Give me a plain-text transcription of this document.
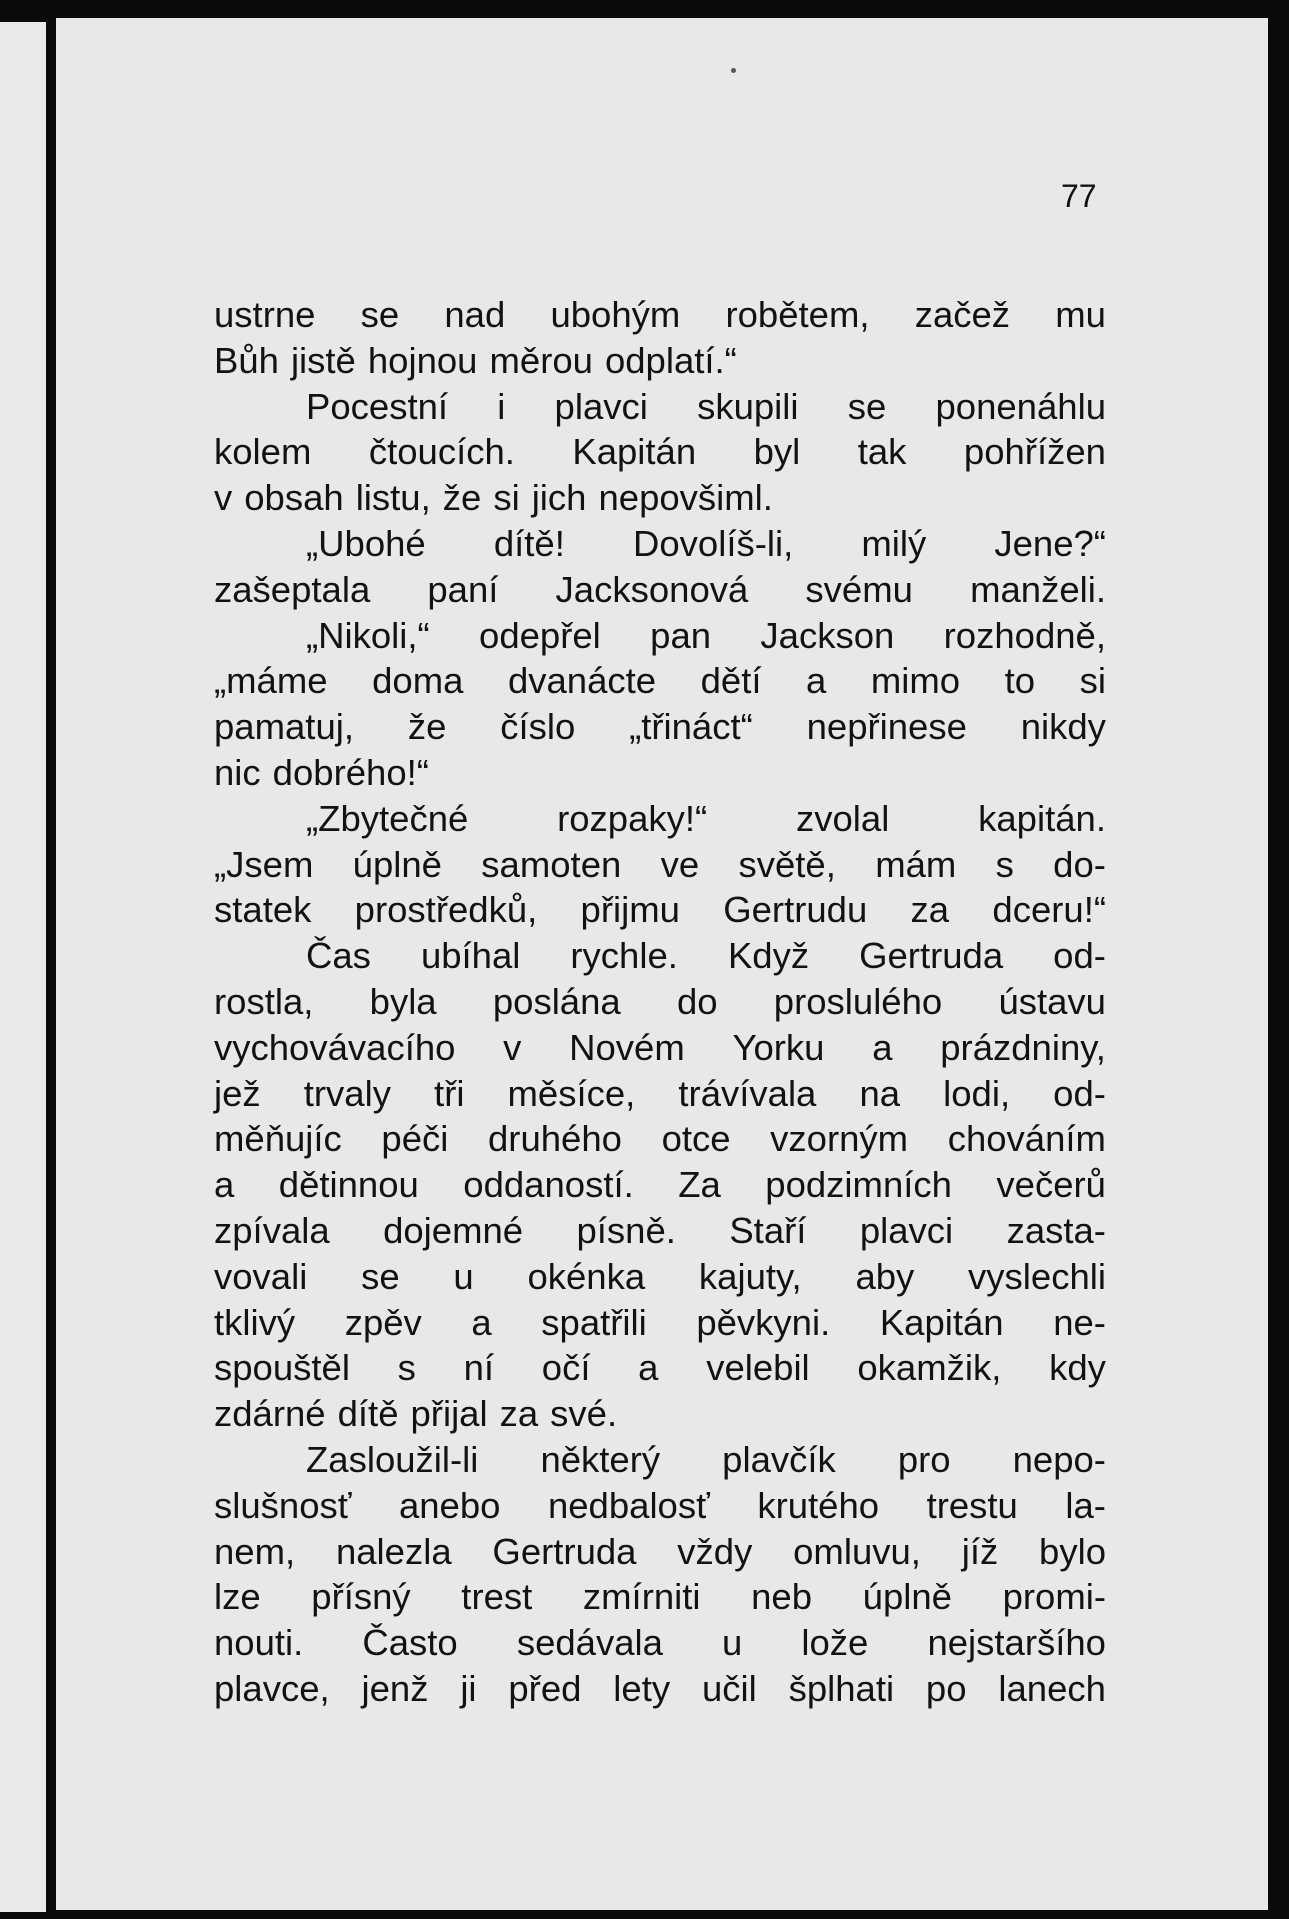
77
ustrne se nad ubohým robětem, začež mu
Bůh jistě hojnou měrou odplatí.“
Pocestní i plavci skupili se ponenáhlu
kolem čtoucích. Kapitán byl tak pohřížen
v obsah listu, že si jich nepovšiml.
„Ubohé dítě! Dovolíš-li, milý Jene?“
zašeptala paní Jacksonová svému manželi.
„Nikoli,“ odepřel pan Jackson rozhodně,
„máme doma dvanácte dětí a mimo to si
pamatuj, že číslo „třináct“ nepřinese nikdy
nic dobrého!“
„Zbytečné rozpaky!“ zvolal kapitán.
„Jsem úplně samoten ve světě, mám s do-
statek prostředků, přijmu Gertrudu za dceru!“
Čas ubíhal rychle. Když Gertruda od-
rostla, byla poslána do proslulého ústavu
vychovávacího v Novém Yorku a prázdniny,
jež trvaly tři měsíce, trávívala na lodi, od-
měňujíc péči druhého otce vzorným chováním
a dětinnou oddaností. Za podzimních večerů
zpívala dojemné písně. Staří plavci zasta-
vovali se u okénka kajuty, aby vyslechli
tklivý zpěv a spatřili pěvkyni. Kapitán ne-
spouštěl s ní očí a velebil okamžik, kdy
zdárné dítě přijal za své.
Zasloužil-li některý plavčík pro nepo-
slušnosť anebo nedbalosť krutého trestu la-
nem, nalezla Gertruda vždy omluvu, jíž bylo
lze přísný trest zmírniti neb úplně promi-
nouti. Často sedávala u lože nejstaršího
plavce, jenž ji před lety učil šplhati po lanech
